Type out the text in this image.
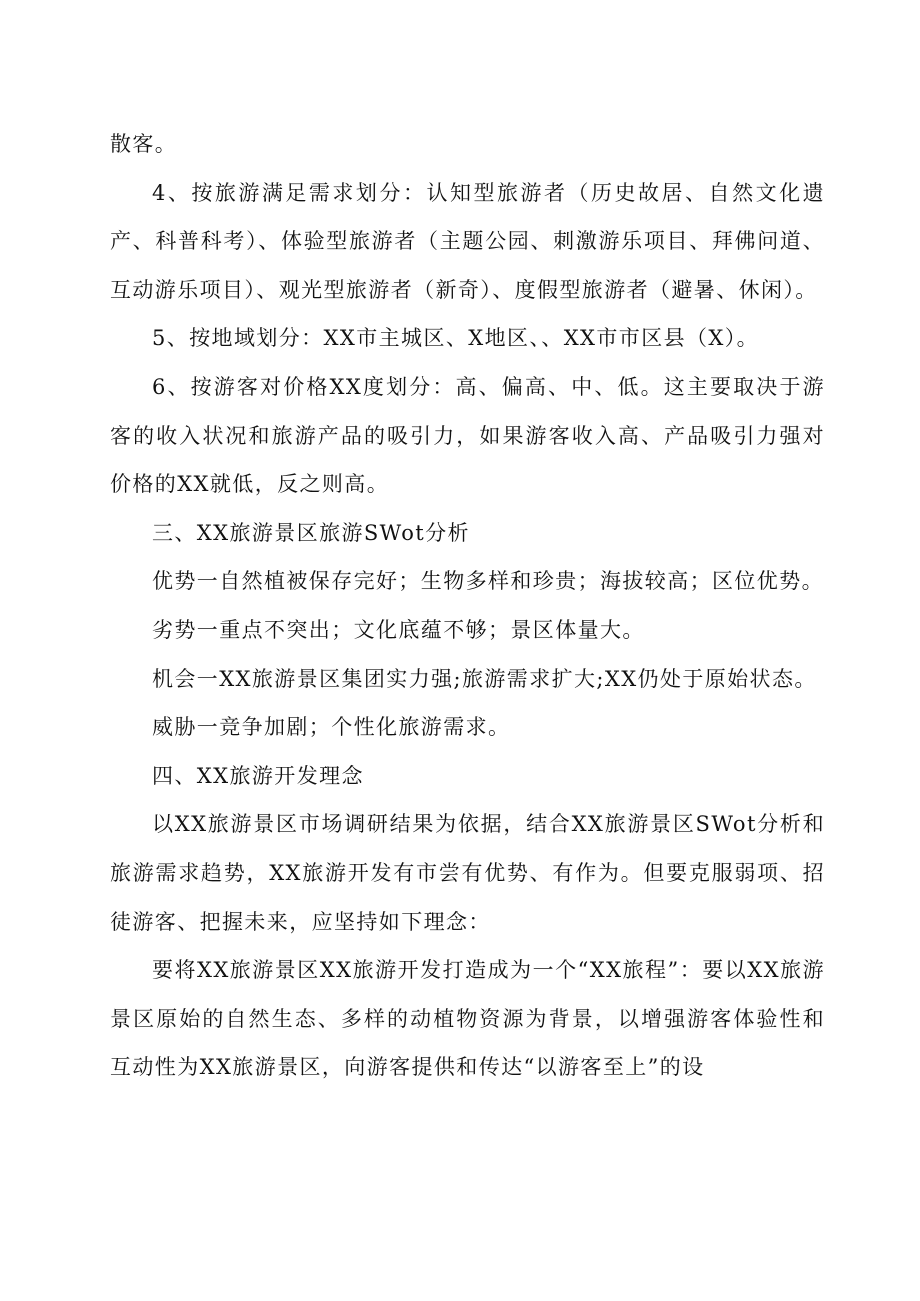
散客。

4、按旅游满足需求划分：认知型旅游者（历史故居、自然文化遗产、科普科考）、体验型旅游者（主题公园、刺激游乐项目、拜佛问道、互动游乐项目）、观光型旅游者（新奇）、度假型旅游者（避暑、休闲）。

5、按地域划分：XX市主城区、X地区、、XX市市区县（X）。

6、按游客对价格XX度划分：高、偏高、中、低。这主要取决于游客的收入状况和旅游产品的吸引力，如果游客收入高、产品吸引力强对价格的XX就低，反之则高。

三、XX旅游景区旅游SWot分析

优势一自然植被保存完好；生物多样和珍贵；海拔较高；区位优势。

劣势一重点不突出；文化底蕴不够；景区体量大。

机会一XX旅游景区集团实力强;旅游需求扩大;XX仍处于原始状态。

威胁一竞争加剧；个性化旅游需求。

四、XX旅游开发理念

以XX旅游景区市场调研结果为依据，结合XX旅游景区SWot分析和旅游需求趋势，XX旅游开发有市尝有优势、有作为。但要克服弱项、招徒游客、把握未来，应坚持如下理念：

要将XX旅游景区XX旅游开发打造成为一个“XX旅程”：要以XX旅游景区原始的自然生态、多样的动植物资源为背景，以增强游客体验性和互动性为XX旅游景区，向游客提供和传达“以游客至上”的设
